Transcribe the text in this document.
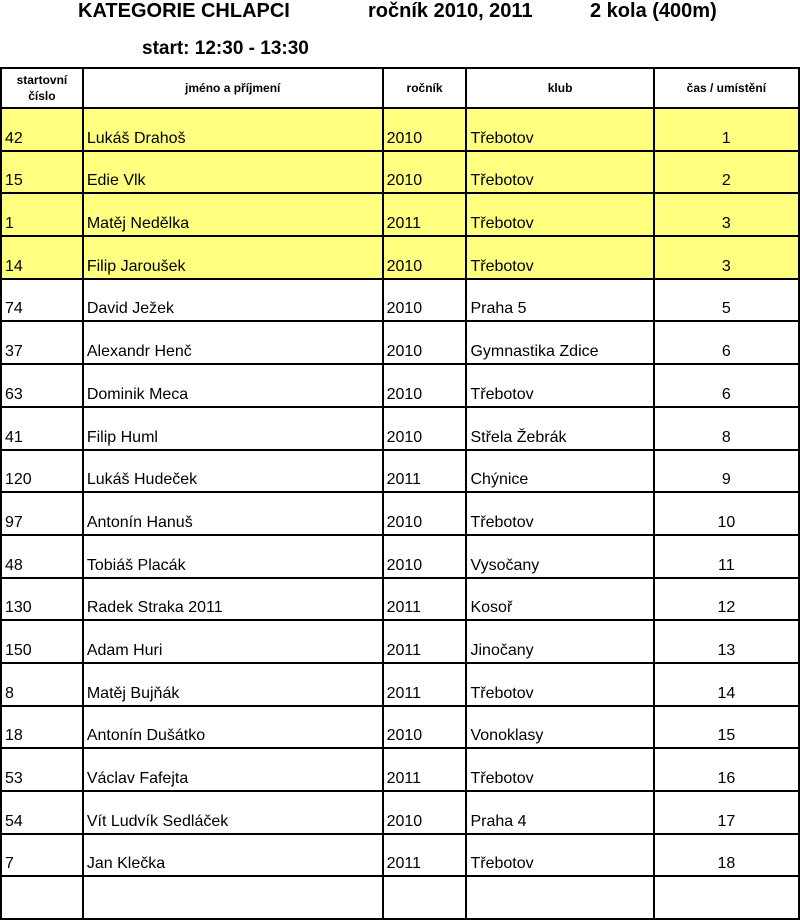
KATEGORIE CHLAPCI	ročník 2010, 2011	2 kola (400m)
start: 12:30 - 13:30
startovní číslo	jméno a příjmení	ročník	klub	čas / umístění
42	Lukáš Drahoš	2010	Třebotov	1
15	Edie Vlk	2010	Třebotov	2
1	Matěj Nedělka	2011	Třebotov	3
14	Filip Jaroušek	2010	Třebotov	3
74	David Ježek	2010	Praha 5	5
37	Alexandr Henč	2010	Gymnastika Zdice	6
63	Dominik Meca	2010	Třebotov	6
41	Filip Huml	2010	Střela Žebrák	8
120	Lukáš Hudeček	2011	Chýnice	9
97	Antonín Hanuš	2010	Třebotov	10
48	Tobiáš Placák	2010	Vysočany	11
130	Radek Straka 2011	2011	Kosoř	12
150	Adam Huri	2011	Jinočany	13
8	Matěj Bujňák	2011	Třebotov	14
18	Antonín Dušátko	2010	Vonoklasy	15
53	Václav Fafejta	2011	Třebotov	16
54	Vít Ludvík Sedláček	2010	Praha 4	17
7	Jan Klečka	2011	Třebotov	18
